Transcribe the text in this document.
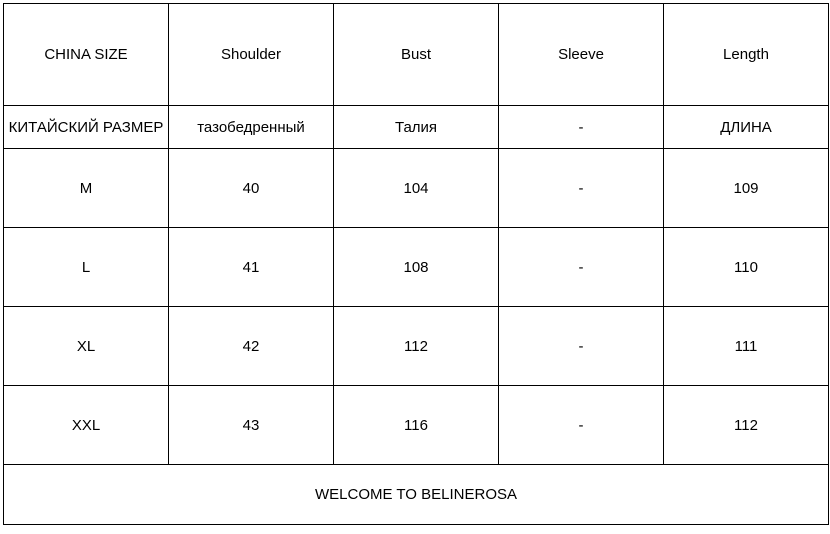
CHINA SIZE	Shoulder	Bust	Sleeve	Length
КИТАЙСКИЙ РАЗМЕР	тазобедренный	Талия	-	ДЛИНА
M	40	104	-	109
L	41	108	-	110
XL	42	112	-	111
XXL	43	116	-	112
WELCOME TO BELINEROSA				
